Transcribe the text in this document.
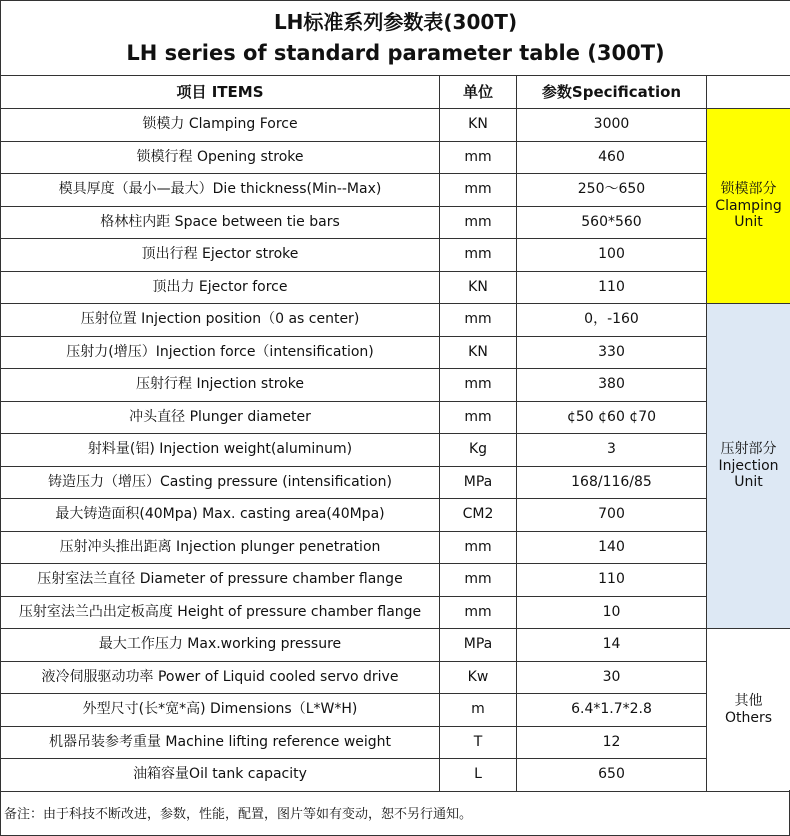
LH标准系列参数表(300T)
LH series of standard parameter table (300T)			

项目 ITEMS	单位	参数Specification	
锁模力 Clamping Force	KN	3000	锁模部分
Clamping
Unit
锁模行程 Opening stroke	mm	460	
模具厚度（最小—最大）Die thickness(Min--Max)	mm	250～650	
格林柱内距 Space between tie bars	mm	560*560	
顶出行程 Ejector stroke	mm	100	
顶出力 Ejector force	KN	110	
压射位置 Injection position（0 as center)	mm	0，-160	压射部分
Injection
Unit
压射力(增压）Injection force（intensification)	KN	330	
压射行程 Injection stroke	mm	380	
冲头直径 Plunger diameter	mm	¢50 ¢60 ¢70	
射料量(铝) Injection weight(aluminum)	Kg	3	
铸造压力（增压）Casting pressure (intensification)	MPa	168/116/85	
最大铸造面积(40Mpa) Max. casting area(40Mpa)	CM2	700	
压射冲头推出距离 Injection plunger penetration	mm	140	
压射室法兰直径 Diameter of pressure chamber flange	mm	110	
压射室法兰凸出定板高度 Height of pressure chamber flange	mm	10	
最大工作压力 Max.working pressure	MPa	14	其他
Others
液冷伺服驱动功率 Power of Liquid cooled servo drive	Kw	30	
外型尺寸(长*宽*高) Dimensions（L*W*H)	m	6.4*1.7*2.8	
机器吊装参考重量 Machine lifting reference weight	T	12	
油箱容量Oil tank capacity	L	650	
备注：由于科技不断改进，参数，性能，配置，图片等如有变动，恕不另行通知。
